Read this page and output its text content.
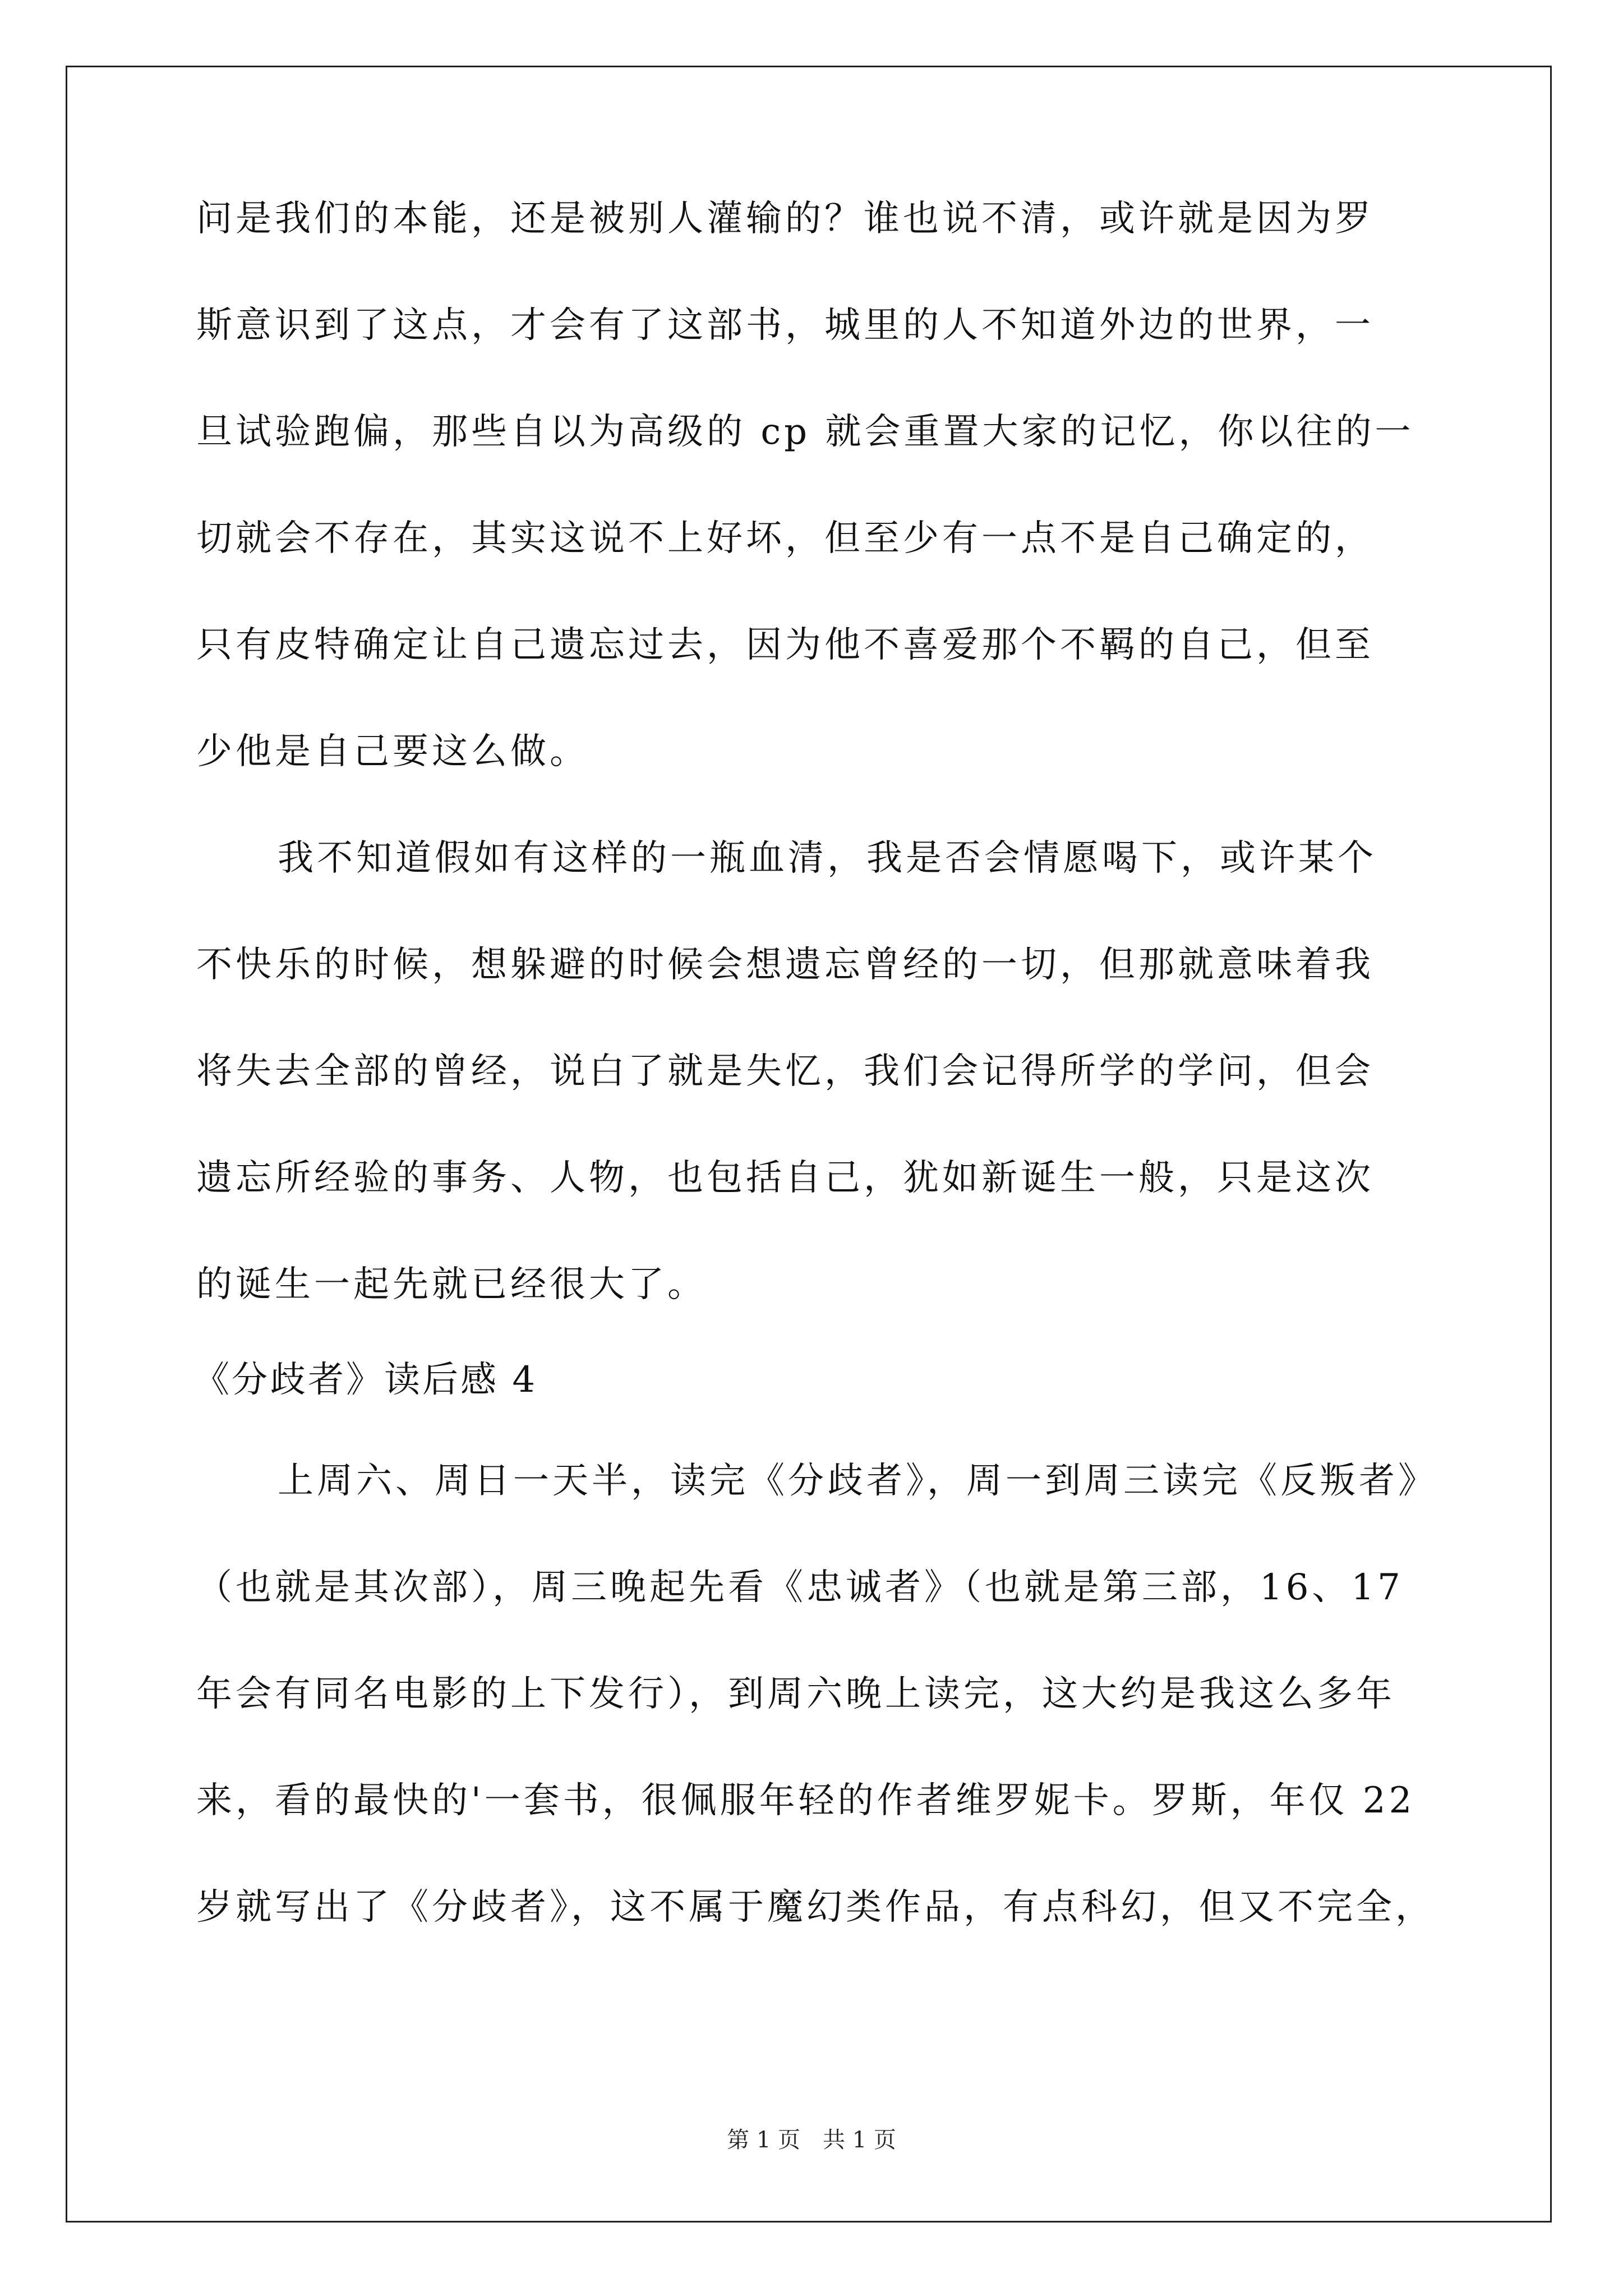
问是我们的本能，还是被别人灌输的？谁也说不清，或许就是因为罗
斯意识到了这点，才会有了这部书，城里的人不知道外边的世界，一
旦试验跑偏，那些自以为高级的 cp 就会重置大家的记忆，你以往的一
切就会不存在，其实这说不上好坏，但至少有一点不是自己确定的，
只有皮特确定让自己遗忘过去，因为他不喜爱那个不羁的自己，但至
少他是自己要这么做。
我不知道假如有这样的一瓶血清，我是否会情愿喝下，或许某个
不快乐的时候，想躲避的时候会想遗忘曾经的一切，但那就意味着我
将失去全部的曾经，说白了就是失忆，我们会记得所学的学问，但会
遗忘所经验的事务、人物，也包括自己，犹如新诞生一般，只是这次
的诞生一起先就已经很大了。
《分歧者》读后感 4
上周六、周日一天半，读完《分歧者》，周一到周三读完《反叛者》
（也就是其次部），周三晚起先看《忠诚者》（也就是第三部，16、17
年会有同名电影的上下发行），到周六晚上读完，这大约是我这么多年
来，看的最快的'一套书，很佩服年轻的作者维罗妮卡。罗斯，年仅 22
岁就写出了《分歧者》，这不属于魔幻类作品，有点科幻，但又不完全，
第 1 页　共 1 页
